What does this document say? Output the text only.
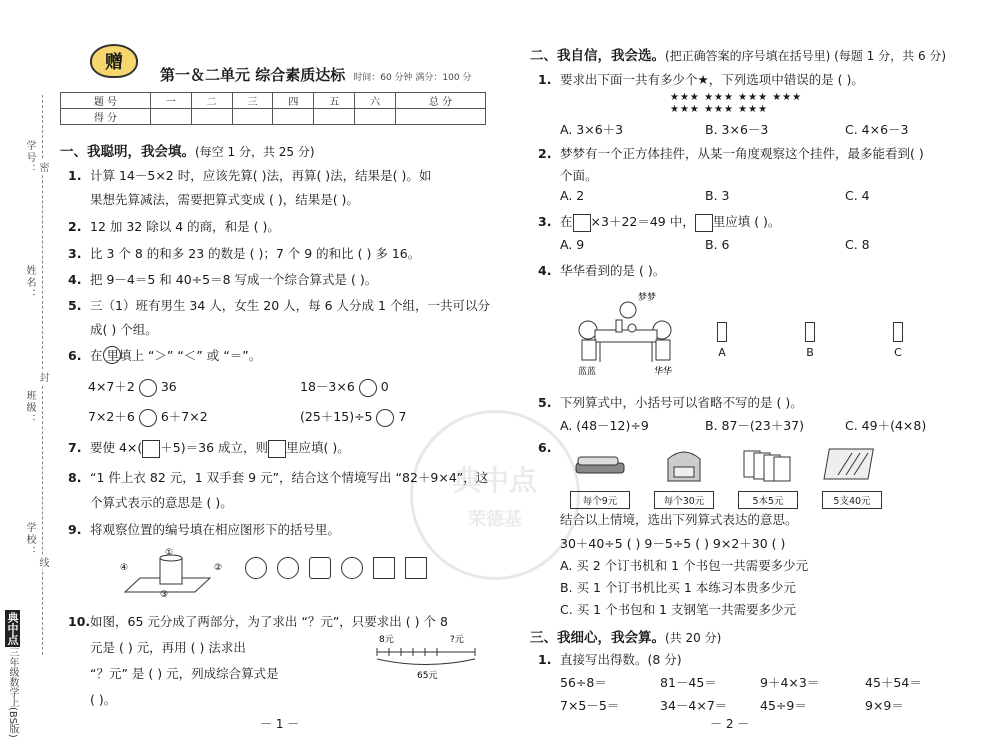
学号： 密
姓名：
封
班级：
学校：
线
典中点三年级数学上(BS版)
典中点
荣德基
赠
第一＆二单元 综合素质达标 时间：60 分钟 满分：100 分
题 号	一	二	三	四	五	六	总 分
得 分							
一、我聪明，我会填。(每空 1 分，共 25 分)
1. 计算 14－5×2 时，应该先算( )法，再算( )法，结果是( )。如
果想先算减法，需要把算式变成 ( )，结果是( )。
2. 12 加 32 除以 4 的商，和是 ( )。
3. 比 3 个 8 的和多 23 的数是 ( )；7 个 9 的和比 ( ) 多 16。
4. 把 9－4＝5 和 40÷5＝8 写成一个综合算式是 ( )。
5. 三（1）班有男生 34 人，女生 20 人，每 6 人分成 1 个组，一共可以分
成( ) 个组。
6. 在 里填上 “＞” “＜” 或 “＝”。
4×7＋2 36	18－3×6 0
7×2＋6 6＋7×2	(25＋15)÷5 7
7. 要使 4×( ＋5)＝36 成立，则 里应填( )。
8. “1 件上衣 82 元，1 双手套 9 元”，结合这个情境写出 “82＋9×4”，这
个算式表示的意思是 ( )。
9. 将观察位置的编号填在相应图形下的括号里。
①
②
③
④
10.如图，65 元分成了两部分，为了求出 “？元”，只要求出 ( ) 个 8
元是 ( ) 元，再用 ( ) 法求出
“？元” 是 ( ) 元，列成综合算式是
( )。
8元	?元
65元
－ 1 －
二、我自信，我会选。(把正确答案的序号填在括号里) (每题 1 分，共 6 分)
1. 要求出下面一共有多少个★，下列选项中错误的是 ( )。
★★★ ★★★ ★★★ ★★★
★★★ ★★★ ★★★
A. 3×6＋3	B. 3×6－3	C. 4×6－3
2. 梦梦有一个正方体挂件，从某一角度观察这个挂件，最多能看到( )
个面。
A. 2	B. 3	C. 4
3. 在 ×3＋22＝49 中， 里应填 ( )。
A. 9	B. 6	C. 8
4. 华华看到的是 ( )。
梦梦
蓝蓝	华华
A	B	C
5. 下列算式中，小括号可以省略不写的是 ( )。
A. (48－12)÷9	B. 87－(23＋37)	C. 49＋(4×8)
6.
每个9元	每个30元	5本5元	5支40元
结合以上情境，选出下列算式表达的意思。
30＋40÷5 ( ) 9－5÷5 ( ) 9×2＋30 ( )
A. 买 2 个订书机和 1 个书包一共需要多少元
B. 买 1 个订书机比买 1 本练习本贵多少元
C. 买 1 个书包和 1 支钢笔一共需要多少元
三、我细心，我会算。(共 20 分)
1. 直接写出得数。(8 分)
56÷8＝	81－45＝	9＋4×3＝	45＋54＝
7×5－5＝	34－4×7＝	45÷9＝	9×9＝
－ 2 －
